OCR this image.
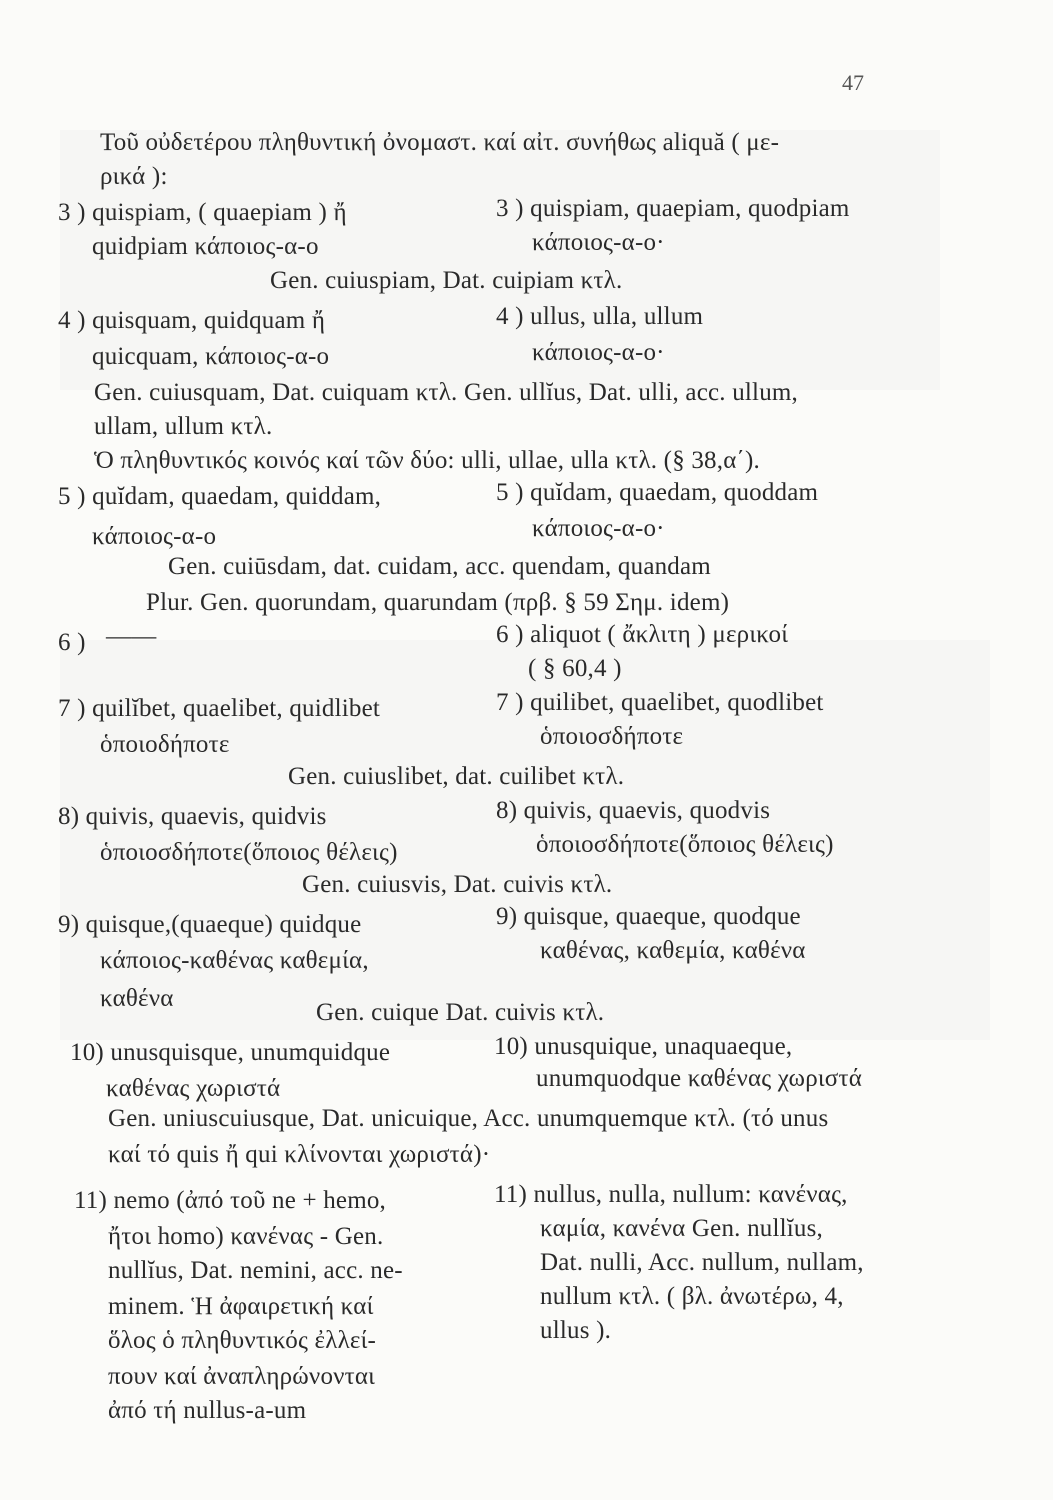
47
Τοῦ οὐδετέρου πληθυντική ὀνομαστ. καί αἰτ. συνήθως aliquă ( με-
ρικά ):
3 ) quispiam, ( quaepiam ) ἤ	3 ) quispiam, quaepiam, quodpiam
quidpiam κάποιος-α-ο	κάποιος-α-ο·
Gen. cuiuspiam, Dat. cuipiam κτλ.
4 ) quisquam, quidquam ἤ	4 ) ullus, ulla, ullum
quicquam, κάποιος-α-ο	κάποιος-α-ο·
Gen. cuiusquam, Dat. cuiquam κτλ. Gen. ullĭus, Dat. ulli, acc. ullum,
ullam, ullum κτλ.
Ὁ πληθυντικός κοινός καί τῶν δύο: ulli, ullae, ulla κτλ. (§ 38,α΄).
5 ) quĭdam, quaedam, quiddam,	5 ) quĭdam, quaedam, quoddam
κάποιος-α-ο	κάποιος-α-ο·
Gen. cuiūsdam, dat. cuidam, acc. quendam, quandam
Plur. Gen. quorundam, quarundam (πρβ. § 59 Σημ. idem)
6 ) ——	6 ) aliquot ( ἄκλιτη ) μερικοί
( § 60,4 )
7 ) quilĭbet, quaelibet, quidlibet	7 ) quilibet, quaelibet, quodlibet
ὁποιοδήποτε	ὁποιοσδήποτε
Gen. cuiuslibet, dat. cuilibet κτλ.
8) quivis, quaevis, quidvis	8) quivis, quaevis, quodvis
ὁποιοσδήποτε(ὅποιος θέλεις)	ὁποιοσδήποτε(ὅποιος θέλεις)
Gen. cuiusvis, Dat. cuivis κτλ.
9) quisque,(quaeque) quidque	9) quisque, quaeque, quodque
κάποιος-καθένας καθεμία,	καθένας, καθεμία, καθένα
καθένα
Gen. cuique Dat. cuivis κτλ.
10) unusquisque, unumquidque	10) unusquique, unaquaeque,
καθένας χωριστά	unumquodque καθένας χωριστά
Gen. uniuscuiusque, Dat. unicuique, Acc. unumquemque κτλ. (τό unus
καί τό quis ἤ qui κλίνονται χωριστά)·
11) nemo (ἀπό τοῦ ne + hemo,	11) nullus, nulla, nullum: κανένας,
ἤτοι homo) κανένας - Gen.	καμία, κανένα Gen. nullĭus,
nullĭus, Dat. nemini, acc. ne-	Dat. nulli, Acc. nullum, nullam,
minem. Ἡ ἀφαιρετική καί	nullum κτλ. ( βλ. ἀνωτέρω, 4,
ὅλος ὁ πληθυντικός ἐλλεί-	ullus ).
πουν καί ἀναπληρώνονται
ἀπό τή nullus-a-um
